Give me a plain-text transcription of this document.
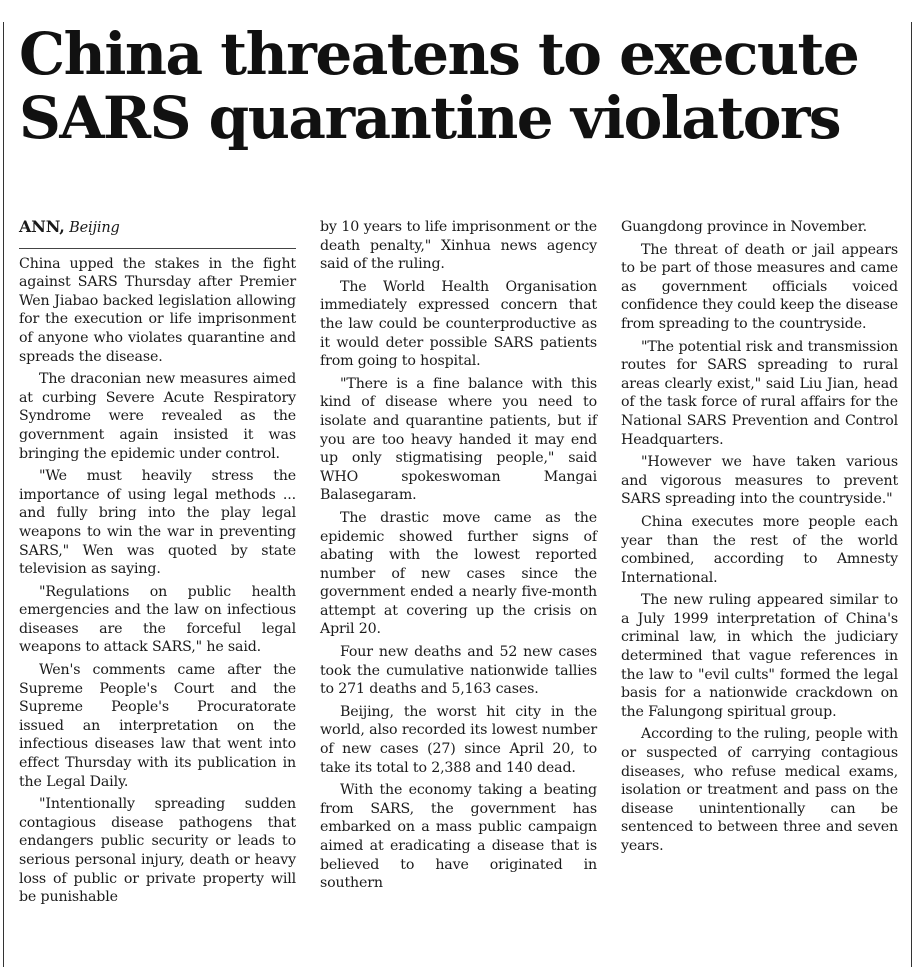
China threatens to execute SARS quarantine violators
ANN, Beijing

China upped the stakes in the fight against SARS Thursday after Premier Wen Jiabao backed legislation allowing for the execution or life imprisonment of anyone who violates quarantine and spreads the disease.

The draconian new measures aimed at curbing Severe Acute Respiratory Syndrome were revealed as the government again insisted it was bringing the epidemic under control.

"We must heavily stress the importance of using legal methods ... and fully bring into the play legal weapons to win the war in preventing SARS," Wen was quoted by state television as saying.

"Regulations on public health emergencies and the law on infectious diseases are the forceful legal weapons to attack SARS," he said.

Wen's comments came after the Supreme People's Court and the Supreme People's Procuratorate issued an interpretation on the infectious diseases law that went into effect Thursday with its publication in the Legal Daily.

"Intentionally spreading sudden contagious disease pathogens that endangers public security or leads to serious personal injury, death or heavy loss of public or private property will be punishable

by 10 years to life imprisonment or the death penalty," Xinhua news agency said of the ruling.

The World Health Organisation immediately expressed concern that the law could be counterproductive as it would deter possible SARS patients from going to hospital.

"There is a fine balance with this kind of disease where you need to isolate and quarantine patients, but if you are too heavy handed it may end up only stigmatising people," said WHO spokeswoman Mangai Balasegaram.

The drastic move came as the epidemic showed further signs of abating with the lowest reported number of new cases since the government ended a nearly five-month attempt at covering up the crisis on April 20.

Four new deaths and 52 new cases took the cumulative nationwide tallies to 271 deaths and 5,163 cases.

Beijing, the worst hit city in the world, also recorded its lowest number of new cases (27) since April 20, to take its total to 2,388 and 140 dead.

With the economy taking a beating from SARS, the government has embarked on a mass public campaign aimed at eradicating a disease that is believed to have originated in southern

Guangdong province in November.

The threat of death or jail appears to be part of those measures and came as government officials voiced confidence they could keep the disease from spreading to the countryside.

"The potential risk and transmission routes for SARS spreading to rural areas clearly exist," said Liu Jian, head of the task force of rural affairs for the National SARS Prevention and Control Headquarters.

"However we have taken various and vigorous measures to prevent SARS spreading into the countryside."

China executes more people each year than the rest of the world combined, according to Amnesty International.

The new ruling appeared similar to a July 1999 interpretation of China's criminal law, in which the judiciary determined that vague references in the law to "evil cults" formed the legal basis for a nationwide crackdown on the Falungong spiritual group.

According to the ruling, people with or suspected of carrying contagious diseases, who refuse medical exams, isolation or treatment and pass on the disease unintentionally can be sentenced to between three and seven years.
